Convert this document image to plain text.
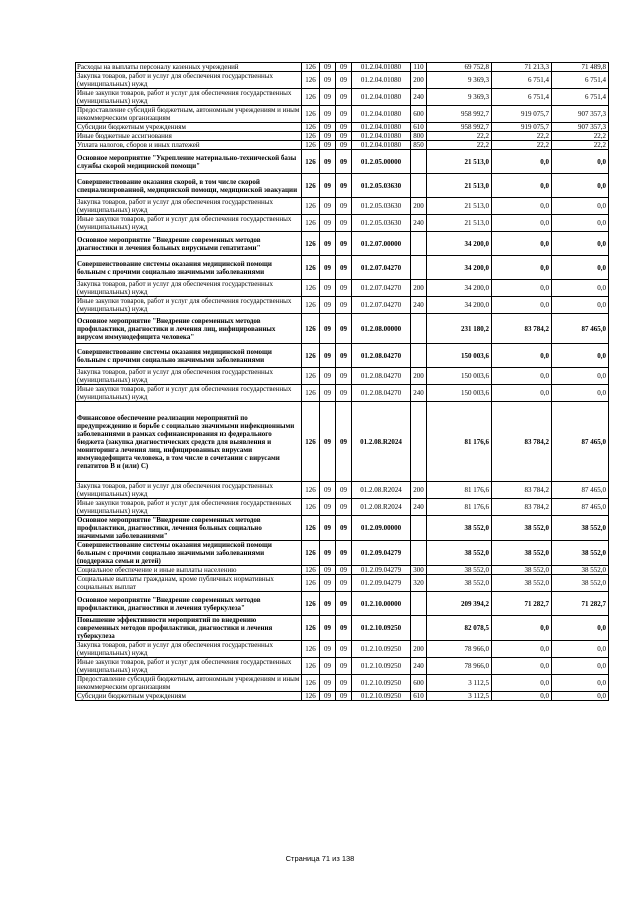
Расходы на выплаты персоналу казенных учреждений	126	09	09	01.2.04.01080	110	69 752,8	71 213,3	71 489,8
Закупка товаров, работ и услуг для обеспечения государственных (муниципальных) нужд	126	09	09	01.2.04.01080	200	9 369,3	6 751,4	6 751,4
Иные закупки товаров, работ и услуг для обеспечения государственных (муниципальных) нужд	126	09	09	01.2.04.01080	240	9 369,3	6 751,4	6 751,4
Предоставление субсидий бюджетным, автономным учреждениям и иным некоммерческим организациям	126	09	09	01.2.04.01080	600	958 992,7	919 075,7	907 357,3
Субсидии бюджетным учреждениям	126	09	09	01.2.04.01080	610	958 992,7	919 075,7	907 357,3
Иные бюджетные ассигнования	126	09	09	01.2.04.01080	800	22,2	22,2	22,2
Уплата налогов, сборов и иных платежей	126	09	09	01.2.04.01080	850	22,2	22,2	22,2
Основное мероприятие "Укрепление материально-технической базы службы скорой медицинской помощи"	126	09	09	01.2.05.00000		21 513,0	0,0	0,0
Совершенствование оказания скорой, в том числе скорой специализированной, медицинской помощи, медицинской эвакуации	126	09	09	01.2.05.03630		21 513,0	0,0	0,0
Закупка товаров, работ и услуг для обеспечения государственных (муниципальных) нужд	126	09	09	01.2.05.03630	200	21 513,0	0,0	0,0
Иные закупки товаров, работ и услуг для обеспечения государственных (муниципальных) нужд	126	09	09	01.2.05.03630	240	21 513,0	0,0	0,0
Основное мероприятие "Внедрение современных методов диагностики и лечения больных вирусными гепатитами"	126	09	09	01.2.07.00000		34 200,0	0,0	0,0
Совершенствование системы оказания медицинской помощи больным с прочими социально значимыми заболеваниями	126	09	09	01.2.07.04270		34 200,0	0,0	0,0
Закупка товаров, работ и услуг для обеспечения государственных (муниципальных) нужд	126	09	09	01.2.07.04270	200	34 200,0	0,0	0,0
Иные закупки товаров, работ и услуг для обеспечения государственных (муниципальных) нужд	126	09	09	01.2.07.04270	240	34 200,0	0,0	0,0
Основное мероприятие "Внедрение современных методов профилактики, диагностики и лечения лиц, инфицированных вирусом иммунодефицита человека"	126	09	09	01.2.08.00000		231 180,2	83 784,2	87 465,0
Совершенствование системы оказания медицинской помощи больным с прочими социально значимыми заболеваниями	126	09	09	01.2.08.04270		150 003,6	0,0	0,0
Закупка товаров, работ и услуг для обеспечения государственных (муниципальных) нужд	126	09	09	01.2.08.04270	200	150 003,6	0,0	0,0
Иные закупки товаров, работ и услуг для обеспечения государственных (муниципальных) нужд	126	09	09	01.2.08.04270	240	150 003,6	0,0	0,0
Финансовое обеспечение реализации мероприятий по предупреждению и борьбе с социально значимыми инфекционными заболеваниями в рамках софинансирования из федерального бюджета (закупка диагностических средств для выявления и мониторинга лечения лиц, инфицированных вирусами иммунодефицита человека, в том числе в сочетании с вирусами гепатитов В и (или) С)	126	09	09	01.2.08.R2024		81 176,6	83 784,2	87 465,0
Закупка товаров, работ и услуг для обеспечения государственных (муниципальных) нужд	126	09	09	01.2.08.R2024	200	81 176,6	83 784,2	87 465,0
Иные закупки товаров, работ и услуг для обеспечения государственных (муниципальных) нужд	126	09	09	01.2.08.R2024	240	81 176,6	83 784,2	87 465,0
Основное мероприятие "Внедрение современных методов профилактики, диагностики, лечения больных социально значимыми заболеваниями"	126	09	09	01.2.09.00000		38 552,0	38 552,0	38 552,0
Совершенствование системы оказания медицинской помощи больным с прочими социально значимыми заболеваниями (поддержка семьи и детей)	126	09	09	01.2.09.04279		38 552,0	38 552,0	38 552,0
Социальное обеспечение и иные выплаты населению	126	09	09	01.2.09.04279	300	38 552,0	38 552,0	38 552,0
Социальные выплаты гражданам, кроме публичных нормативных социальных выплат	126	09	09	01.2.09.04279	320	38 552,0	38 552,0	38 552,0
Основное мероприятие "Внедрение современных методов профилактики, диагностики и лечения туберкулеза"	126	09	09	01.2.10.00000		209 394,2	71 282,7	71 282,7
Повышение эффективности мероприятий по внедрению современных методов профилактики, диагностики и лечения туберкулеза	126	09	09	01.2.10.09250		82 078,5	0,0	0,0
Закупка товаров, работ и услуг для обеспечения государственных (муниципальных) нужд	126	09	09	01.2.10.09250	200	78 966,0	0,0	0,0
Иные закупки товаров, работ и услуг для обеспечения государственных (муниципальных) нужд	126	09	09	01.2.10.09250	240	78 966,0	0,0	0,0
Предоставление субсидий бюджетным, автономным учреждениям и иным некоммерческим организациям	126	09	09	01.2.10.09250	600	3 112,5	0,0	0,0
Субсидии бюджетным учреждениям	126	09	09	01.2.10.09250	610	3 112,5	0,0	0,0
Страница 71 из 138
